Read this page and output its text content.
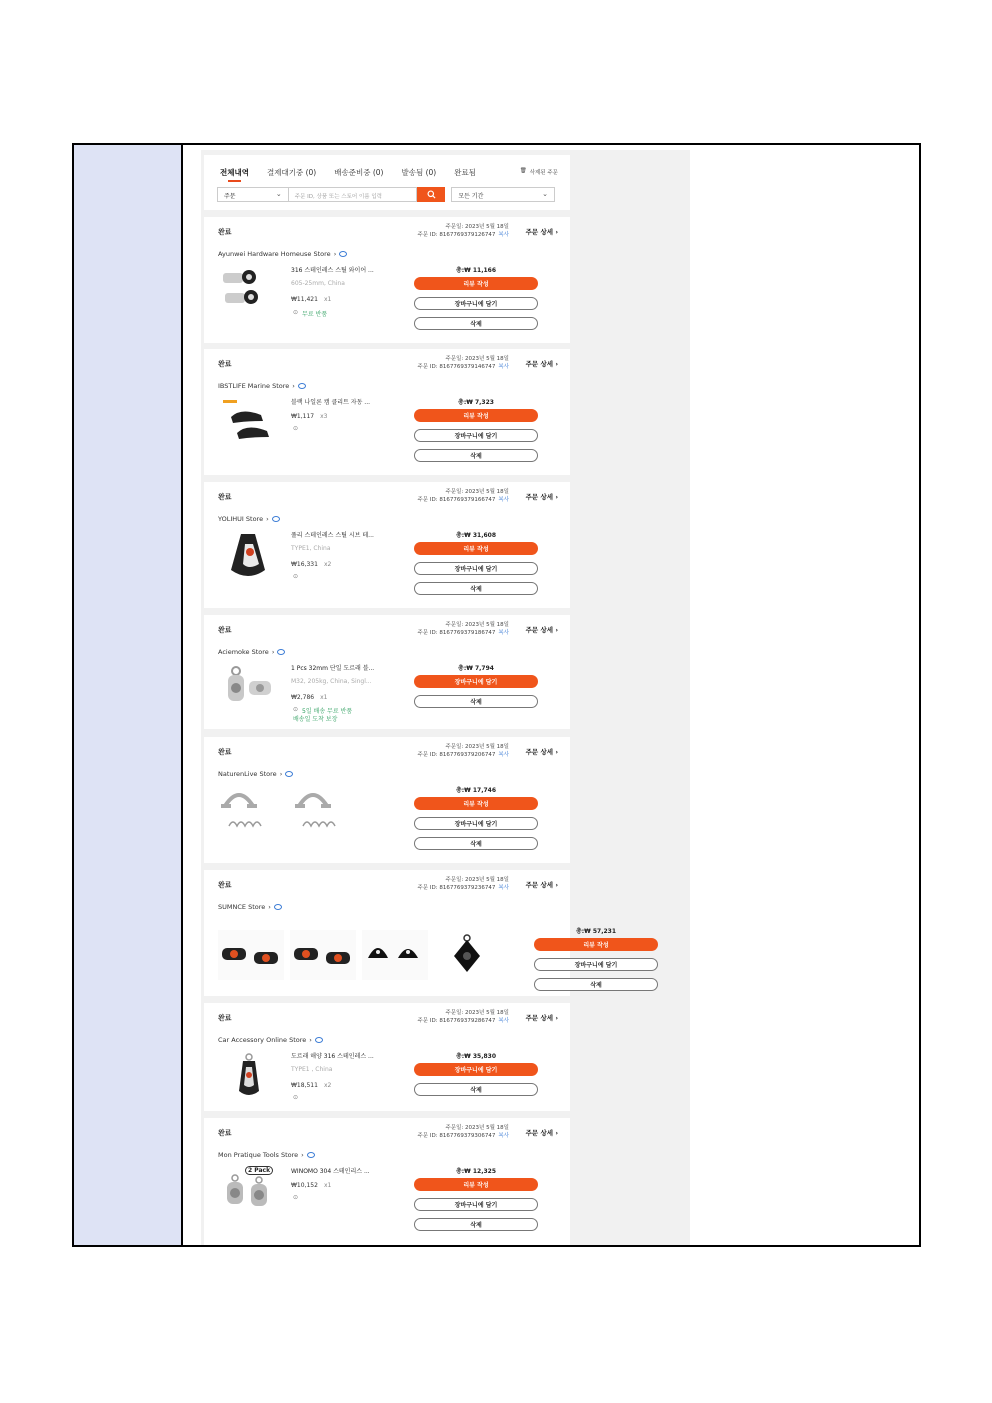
전체내역 결제대기중 (0) 배송준비중 (0) 발송됨 (0) 완료됨	🗑 삭제된 주문
주문	⌄	주문 ID, 상품 또는 스토어 이름 입력	모든 기간	⌄
완료
주문일: 2023년 5월 18일
주문 ID: 8167769379126747 복사	주문 상세 ›
Ayunwei Hardware Homeuse Store ›
316 스테인레스 스틸 와이어 ...
605-25mm, China
₩11,421 x1
⊙ 무료 반품
총:₩ 11,166
리뷰 작성
장바구니에 담기
삭제
완료
주문일: 2023년 5월 18일
주문 ID: 8167769379146747 복사	주문 상세 ›
IBSTLIFE Marine Store ›
블랙 나일론 캠 클리트 자동 ...
₩1,117 x3
⊙
총:₩ 7,323
리뷰 작성
장바구니에 담기
삭제
완료
주문일: 2023년 5월 18일
주문 ID: 8167769379166747 복사	주문 상세 ›
YOLIHUI Store ›
풀리 스테인레스 스틸 시브 테...
TYPE1, China
₩16,331 x2
⊙
총:₩ 31,608
리뷰 작성
장바구니에 담기
삭제
완료
주문일: 2023년 5월 18일
주문 ID: 8167769379186747 복사	주문 상세 ›
Aciemoke Store ›
1 Pcs 32mm 단일 도르래 블...
M32, 205kg, China, Singl...
₩2,786 x1
⊙ 5일 배송 무료 반품
배송일 도착 보장
총:₩ 7,794
장바구니에 담기
삭제
완료
주문일: 2023년 5월 18일
주문 ID: 8167769379206747 복사	주문 상세 ›
NaturenLive Store ›
총:₩ 17,746
리뷰 작성
장바구니에 담기
삭제
완료
주문일: 2023년 5월 18일
주문 ID: 8167769379236747 복사	주문 상세 ›
SUMNCE Store ›
총:₩ 57,231
리뷰 작성
장바구니에 담기
삭제
완료
주문일: 2023년 5월 18일
주문 ID: 8167769379286747 복사	주문 상세 ›
Car Accessory Online Store ›
도르래 해양 316 스테인레스 ...
TYPE1 , China
₩18,511 x2
⊙
총:₩ 35,830
장바구니에 담기
삭제
완료
주문일: 2023년 5월 18일
주문 ID: 8167769379306747 복사	주문 상세 ›
Mon Pratique Tools Store ›
2 Pack	WINOMO 304 스테인리스 ...
₩10,152 x1
⊙
총:₩ 12,325
리뷰 작성
장바구니에 담기
삭제
